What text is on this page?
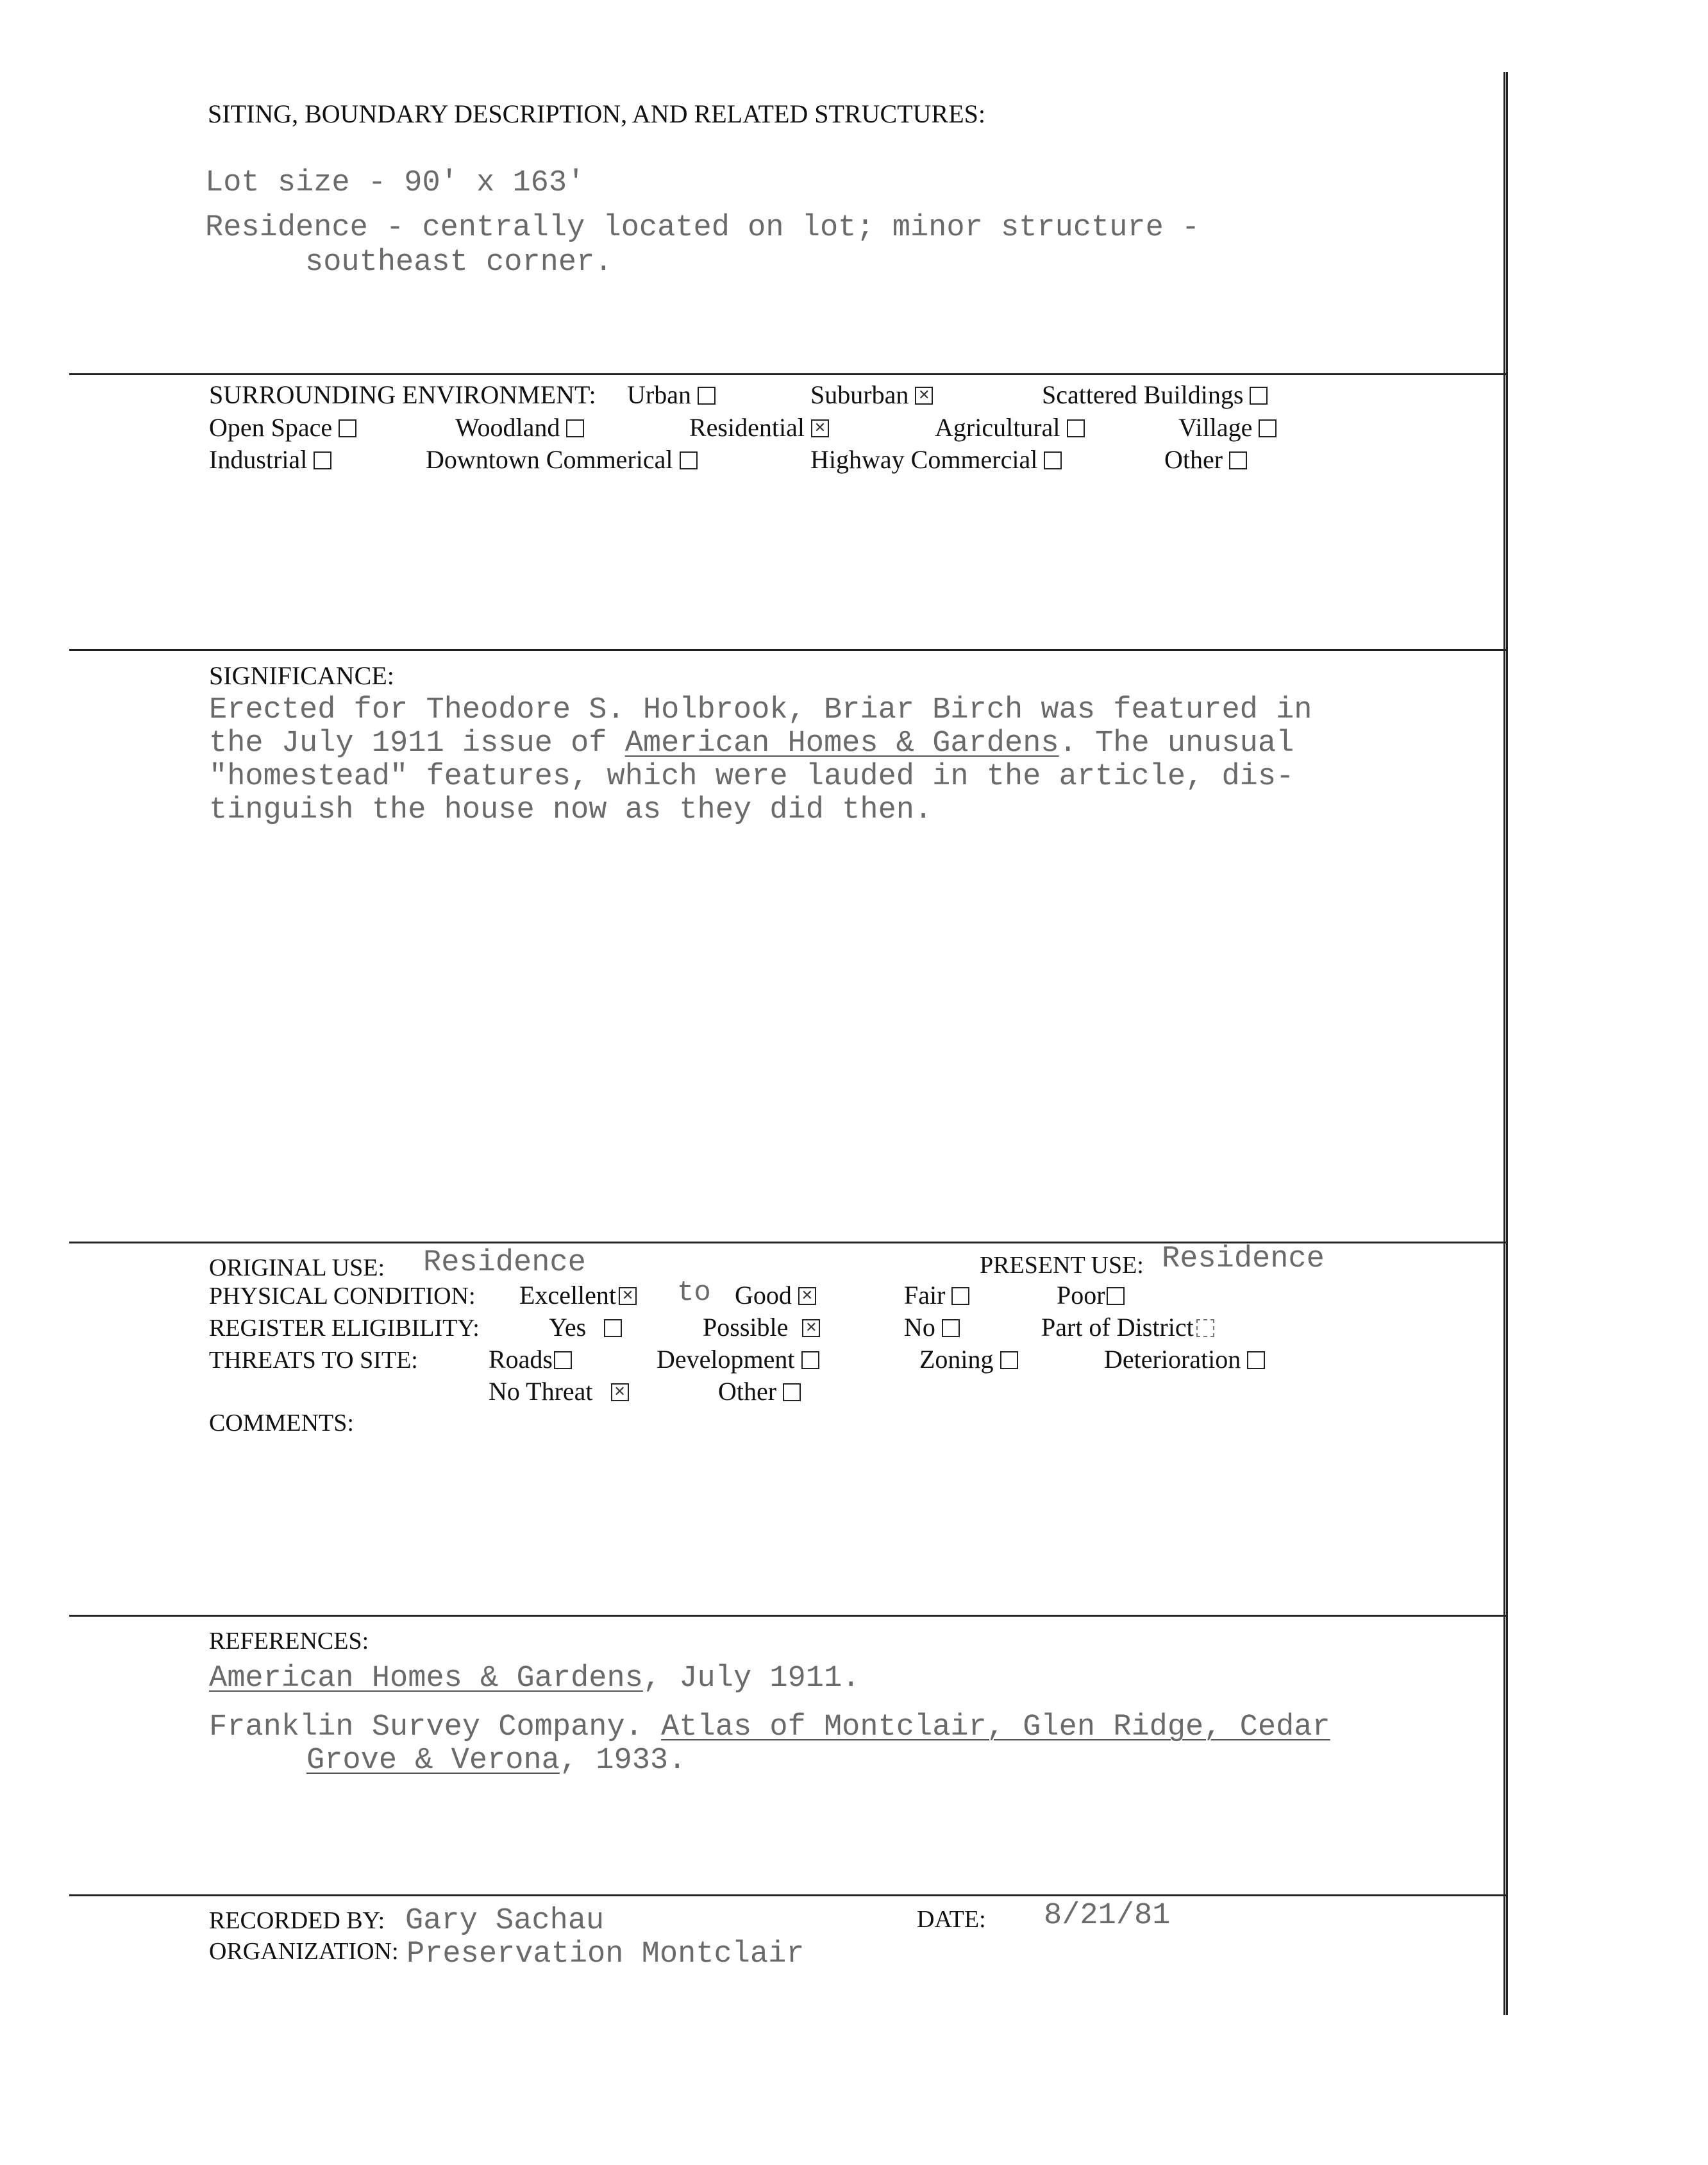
SITING, BOUNDARY DESCRIPTION, AND RELATED STRUCTURES:
Lot size - 90' x 163'
Residence - centrally located on lot; minor structure -
southeast corner.
SURROUNDING ENVIRONMENT: Urban	Suburban ✕	Scattered Buildings
Open Space	Woodland	Residential ✕	Agricultural	Village
Industrial	Downtown Commerical	Highway Commercial	Other
SIGNIFICANCE:
Erected for Theodore S. Holbrook, Briar Birch was featured in
the July 1911 issue of American Homes & Gardens. The unusual
"homestead" features, which were lauded in the article, dis-
tinguish the house now as they did then.
ORIGINAL USE: Residence	PRESENT USE: Residence
PHYSICAL CONDITION: Excellent ✕	to Good ✕	Fair	Poor
REGISTER ELIGIBILITY:	Yes	Possible ✕	No	Part of District
THREATS TO SITE:	Roads	Development	Zoning	Deterioration
No Threat ✕	Other
COMMENTS:
REFERENCES:
American Homes & Gardens, July 1911.
Franklin Survey Company. Atlas of Montclair, Glen Ridge, Cedar
Grove & Verona, 1933.
RECORDED BY: Gary Sachau	DATE: 8/21/81
ORGANIZATION: Preservation Montclair
